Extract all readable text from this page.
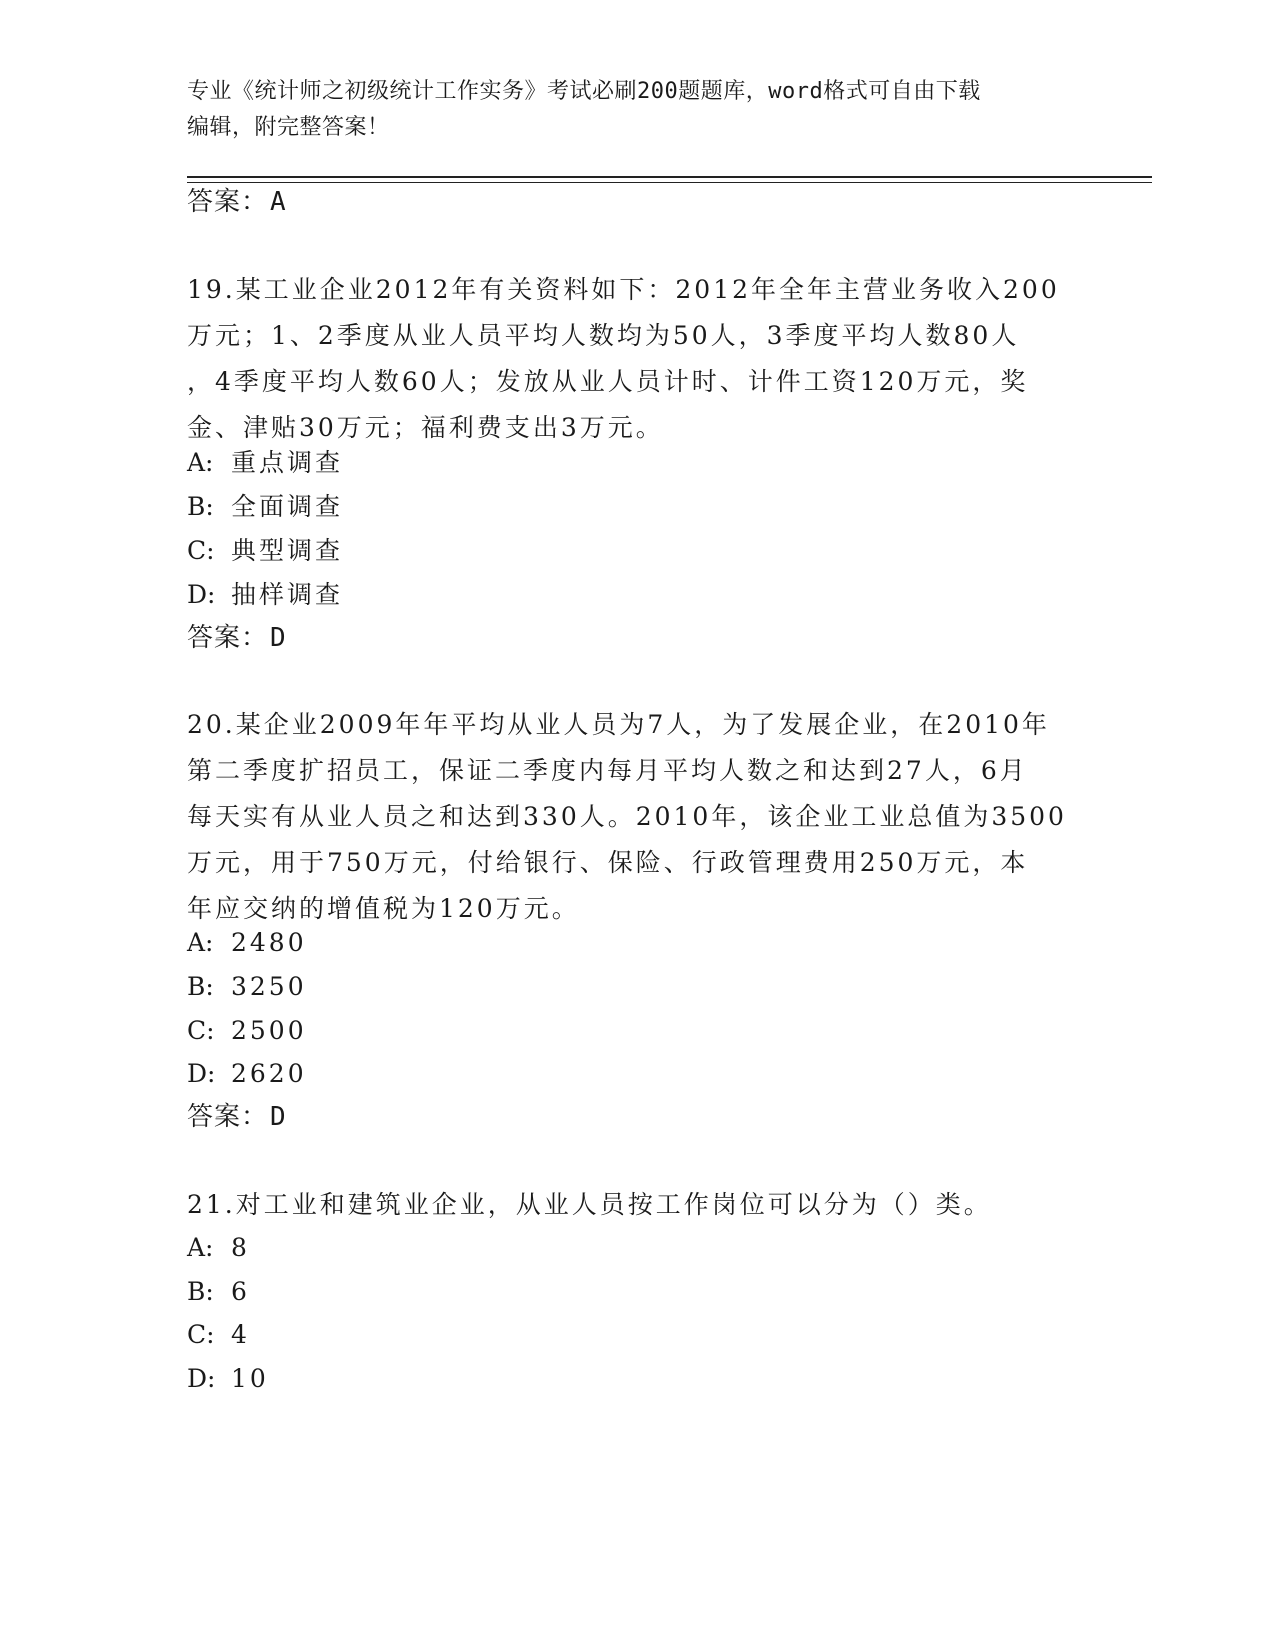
专业《统计师之初级统计工作实务》考试必刷200题题库，word格式可自由下载
编辑，附完整答案！
答案：A

19.某工业企业2012年有关资料如下：2012年全年主营业务收入200

万元；1、2季度从业人员平均人数均为50人，3季度平均人数80人

，4季度平均人数60人；发放从业人员计时、计件工资120万元，奖

金、津贴30万元；福利费支出3万元。

A: 重点调查
B: 全面调查
C: 典型调查
D: 抽样调查
答案：D

20.某企业2009年年平均从业人员为7人，为了发展企业，在2010年

第二季度扩招员工，保证二季度内每月平均人数之和达到27人，6月

每天实有从业人员之和达到330人。2010年，该企业工业总值为3500

万元，用于750万元，付给银行、保险、行政管理费用250万元，本

年应交纳的增值税为120万元。

A: 2480
B: 3250
C: 2500
D: 2620
答案：D

21.对工业和建筑业企业，从业人员按工作岗位可以分为（）类。

A: 8
B: 6
C: 4
D: 10
